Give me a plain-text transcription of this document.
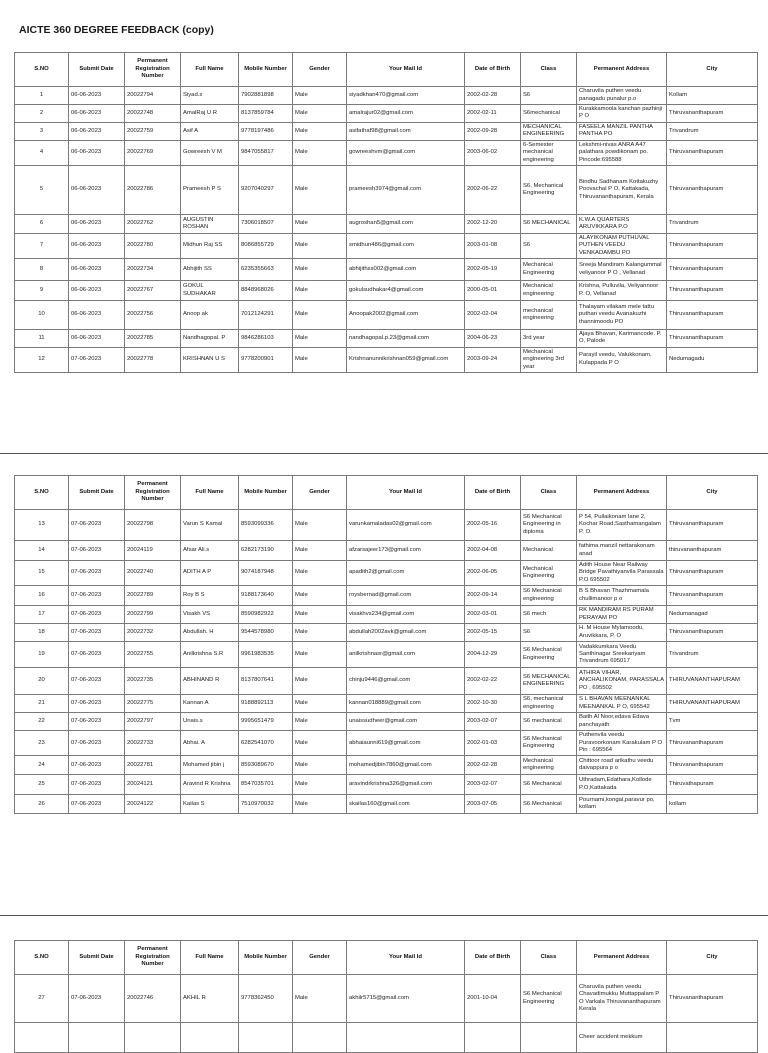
AICTE 360 DEGREE FEEDBACK (copy)
S.NO	Submit Date	Permanent Registration Number	Full Name	Mobile Number	Gender	Your Mail Id	Date of Birth	Class	Permanent Address	City
1	06-06-2023	20022794	Siyad.s	7902881898	Male	siyadkhan470@gmail.com	2002-02-28	S6	Charuvila puthen veedu panagadu punalur p.o	Kollam
2	06-06-2023	20022748	AmalRaj U R	8137859784	Male	amalrajur02@gmail.com	2002-02-11	S6mechanical	Kurakkamoola kanchan pazhinji P O	Thiruvananthapuram
3	06-06-2023	20022759	Asif A	9778197486	Male	asifathaf98@gmail.com	2002-09-28	MECHANICAL ENGINEERING	FASEELA MANZIL PANTHA PANTHA PO	Trivandrum
4	06-06-2023	20022769	Gowreesh V M	9847055817	Male	gowreeshvm@gmail.com	2003-06-02	6-Semester mechanical engineering	Lekshmi-nivas ANRA A47 palathara powdikonam po. Pincode:695588	Thiruvananthapuram
5	06-06-2023	20022786	Prameesh P S	9207040297	Male	prameesh3974@gmail.com	2002-06-22	S6, Mechanical Engineering	Bindhu Sadhanam Kottakuzhy Poovachal P O, Kattakada, Thiruvananthapuram, Kerala	Thiruvananthapuram
6	06-06-2023	20022762	AUGUSTIN ROSHAN	7306018507	Male	augroshan5@gmail.com	2002-12-20	S6 MECHANICAL	K.W.A QUARTERS ARUVIKKARA P.O	Trivandrum
7	06-06-2023	20022780	Midhun Raj SS	8086855729	Male	smidhun486@gmail.com	2003-01-08	S6	ALAYIKONAM PUTHUVAL PUTHEN VEEDU VENKADAMBU PO	Thiruvananthapuram
8	06-06-2023	20022734	Abhijith SS	6235355663	Male	abhijithss002@gmail.com	2002-05-19	Mechanical Engineering	Sreeja Mandiram Kalangummal veliyanoor P O , Vellanad	Thiruvananthapuram
9	06-06-2023	20022767	GOKUL SUDHAKAR	8848968026	Male	gokulsudhakar4@gmail.com	2000-05-01	Mechanical engineering	Krishna, Pulluvila, Veliyannoor P. O, Vellanad	Thiruvananthapuram
10	06-06-2023	20022756	Anoop ak	7012124291	Male	Anoopak2002@gmail.com	2002-02-04	mechanical engineering	Thalayam vilakam mele tattu puthan veedu Avanakuzhi thannimoodu PO	Thiruvananthapuram
11	06-06-2023	20022785	Nandhagopal. P	9846286103	Male	nandhagopal.p.23@gmail.com	2004-06-23	3rd year	Ajaya Bhavan, Karimancode. P. O, Palode	Thiruvananthapuram
12	07-06-2023	20022778	KRISHNAN U S	9778200901	Male	Krishnanunnikrishnan059@gmail.com	2003-09-24	Mechanical engineering 3rd year	Parayil veedu, Valukkonam, Kulappada P O	Nedumagadu
S.NO	Submit Date	Permanent Registration Number	Full Name	Mobile Number	Gender	Your Mail Id	Date of Birth	Class	Permanent Address	City
13	07-06-2023	20022798	Varun S Kamal	8593099336	Male	varunkamaladas02@gmail.com	2002-05-16	S6 Mechanical Engineering in diploma	P 54, Pullaikonam lane 2, Kochar Road,Sasthamangalam P. O.	Thiruvananthapuram
14	07-06-2023	20024119	Afsar Ali.s	6282173190	Male	afzarsajeer173@gmail.com	2002-04-08	Mechanical	fathima manzil nettarakonam anad	thiruvananthapuram
15	07-06-2023	20022740	ADITH A P	9074187948	Male	apadith2@gmail.com	2002-06-05	Mechanical Engineering	Adith House Near Railway Bridge Pavathiyanvila Parassala P.O 695502	Thiruvananthapuram
16	07-06-2023	20022789	Roy B S	9188173640	Male	roysbernad@gmail.com	2002-09-14	S6 Mechanical engineering	B S Bhavan Thazhmamala chullimanoor p o	Thiruvananthapuram
17	07-06-2023	20022799	Visakh VS	8590982922	Male	visakhvs234@gmail.com	2002-03-01	S6 mech	RK MANDIRAM RS PURAM PERAYAM PO	Nedumanagad
18	07-06-2023	20022732	Abdullah. H	9544578980	Male	abdullah2002avk@gmail.com	2002-05-15	S6	H. M House Mylamoodu, Aruvikkara, P. O	Thiruvananthapuram
19	07-06-2023	20022755	Anilkrishna S.R	9961983535	Male	anilkrishnasr@gmail.com	2004-12-29	S6 Mechanical Engineering	Vadakkumkara Veedu Santhinagar Sreekariyam Trivandrum 695017	Trivandrum
20	07-06-2023	20022735	ABHINAND R	8137807641	Male	chinju9446@gmail.com	2002-02-22	S6 MECHANICAL ENGINEERING	ATHIRA VIHAR, ANCHALIKONAM, PARASSALA PO , 695502	THIRUVANANTHAPURAM
21	07-06-2023	20022775	Kannan A	9188892113	Male	kannan018889@gmail.com	2002-10-30	S6, mechanical engineering	S L BHAVAN MEENANKAL MEENANKAL P O, 695542	THIRUVANANTHAPURAM
22	07-06-2023	20022797	Unais.s	9995651479	Male	unaissudheer@gmail.com	2003-02-07	S6 mechanical	Baith Al Noor,edava Edava panchayath	Tvm
23	07-06-2023	20022733	Abhai. A	6282541070	Male	abhaiaunni619@gmail.com	2002-01-03	S6 Mechanical Engineering	Puthenvila veedu Puravoorkonam Karakulam P O Pin : 695564	Thiruvananthapuram
24	07-06-2023	20022781	Mohamed jibin j	8593089670	Male	mohamedjibin7860@gmail.com	2002-02-28	Mechanical engineering	Chittoor road arikathu veedu daivappura p o	Thiruvananthapuram
25	07-06-2023	20024121	Aravind R Krishna	8547035701	Male	aravindrkrishna326@gmail.com	2003-02-07	S6 Mechanical	Uthradam,Edathara,Kollode P.O,Kattakada	Thiruvathapuram
26	07-06-2023	20024122	Kailas S	7510970032	Male	skailas160@gmail.com	2003-07-05	S6 Mechanical	Pournami,kongal,paravur po, kollam	kollam
S.NO	Submit Date	Permanent Registration Number	Full Name	Mobile Number	Gender	Your Mail Id	Date of Birth	Class	Permanent Address	City
27	07-06-2023	20022746	AKHIL R	9778362450	Male	akhilr5715@gmail.com	2001-10-04	S6 Mechanical Engineering	Charuvila puthen veedu Chavadimukku Muttappalam P O Varkala Thiruvananthapuram Kerala	Thiruvananthapuram
									Cheer accident mekkum	
